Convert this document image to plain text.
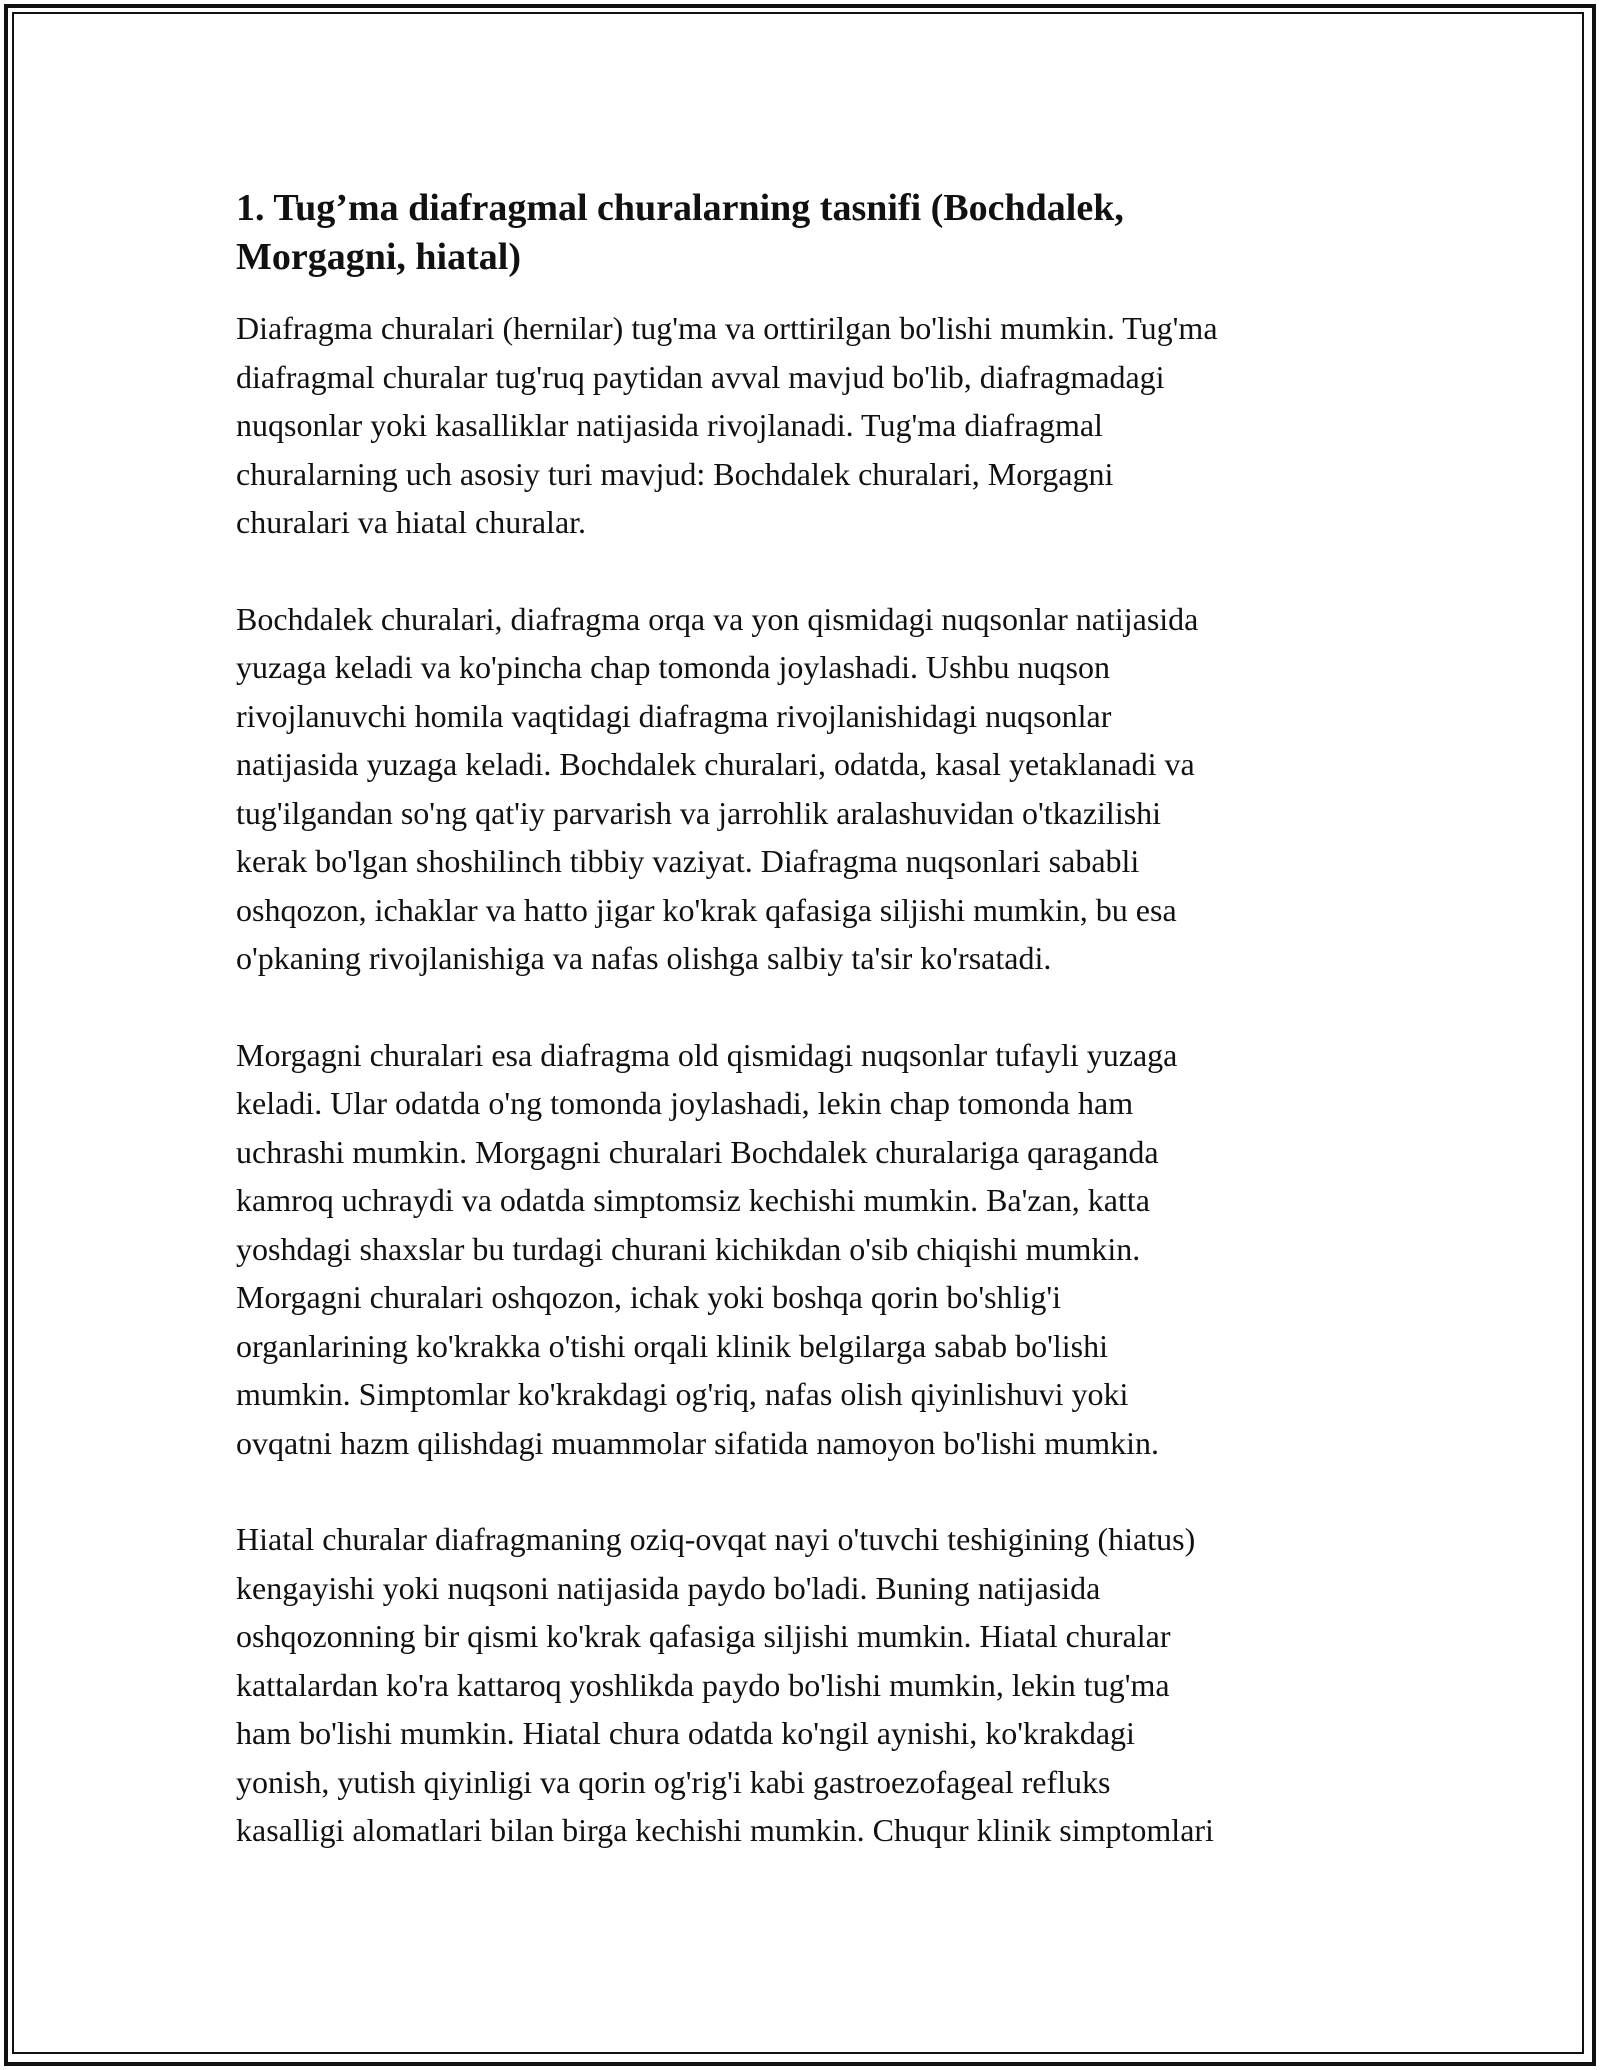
1. Tug’ma diafragmal churalarning tasnifi (Bochdalek,
Morgagni, hiatal)

Diafragma churalari (hernilar) tug'ma va orttirilgan bo'lishi mumkin. Tug'ma
diafragmal churalar tug'ruq paytidan avval mavjud bo'lib, diafragmadagi
nuqsonlar yoki kasalliklar natijasida rivojlanadi. Tug'ma diafragmal
churalarning uch asosiy turi mavjud: Bochdalek churalari, Morgagni
churalari va hiatal churalar.

Bochdalek churalari, diafragma orqa va yon qismidagi nuqsonlar natijasida
yuzaga keladi va ko'pincha chap tomonda joylashadi. Ushbu nuqson
rivojlanuvchi homila vaqtidagi diafragma rivojlanishidagi nuqsonlar
natijasida yuzaga keladi. Bochdalek churalari, odatda, kasal yetaklanadi va
tug'ilgandan so'ng qat'iy parvarish va jarrohlik aralashuvidan o'tkazilishi
kerak bo'lgan shoshilinch tibbiy vaziyat. Diafragma nuqsonlari sababli
oshqozon, ichaklar va hatto jigar ko'krak qafasiga siljishi mumkin, bu esa
o'pkaning rivojlanishiga va nafas olishga salbiy ta'sir ko'rsatadi.

Morgagni churalari esa diafragma old qismidagi nuqsonlar tufayli yuzaga
keladi. Ular odatda o'ng tomonda joylashadi, lekin chap tomonda ham
uchrashi mumkin. Morgagni churalari Bochdalek churalariga qaraganda
kamroq uchraydi va odatda simptomsiz kechishi mumkin. Ba'zan, katta
yoshdagi shaxslar bu turdagi churani kichikdan o'sib chiqishi mumkin.
Morgagni churalari oshqozon, ichak yoki boshqa qorin bo'shlig'i
organlarining ko'krakka o'tishi orqali klinik belgilarga sabab bo'lishi
mumkin. Simptomlar ko'krakdagi og'riq, nafas olish qiyinlishuvi yoki
ovqatni hazm qilishdagi muammolar sifatida namoyon bo'lishi mumkin.

Hiatal churalar diafragmaning oziq-ovqat nayi o'tuvchi teshigining (hiatus)
kengayishi yoki nuqsoni natijasida paydo bo'ladi. Buning natijasida
oshqozonning bir qismi ko'krak qafasiga siljishi mumkin. Hiatal churalar
kattalardan ko'ra kattaroq yoshlikda paydo bo'lishi mumkin, lekin tug'ma
ham bo'lishi mumkin. Hiatal chura odatda ko'ngil aynishi, ko'krakdagi
yonish, yutish qiyinligi va qorin og'rig'i kabi gastroezofageal refluks
kasalligi alomatlari bilan birga kechishi mumkin. Chuqur klinik simptomlari
